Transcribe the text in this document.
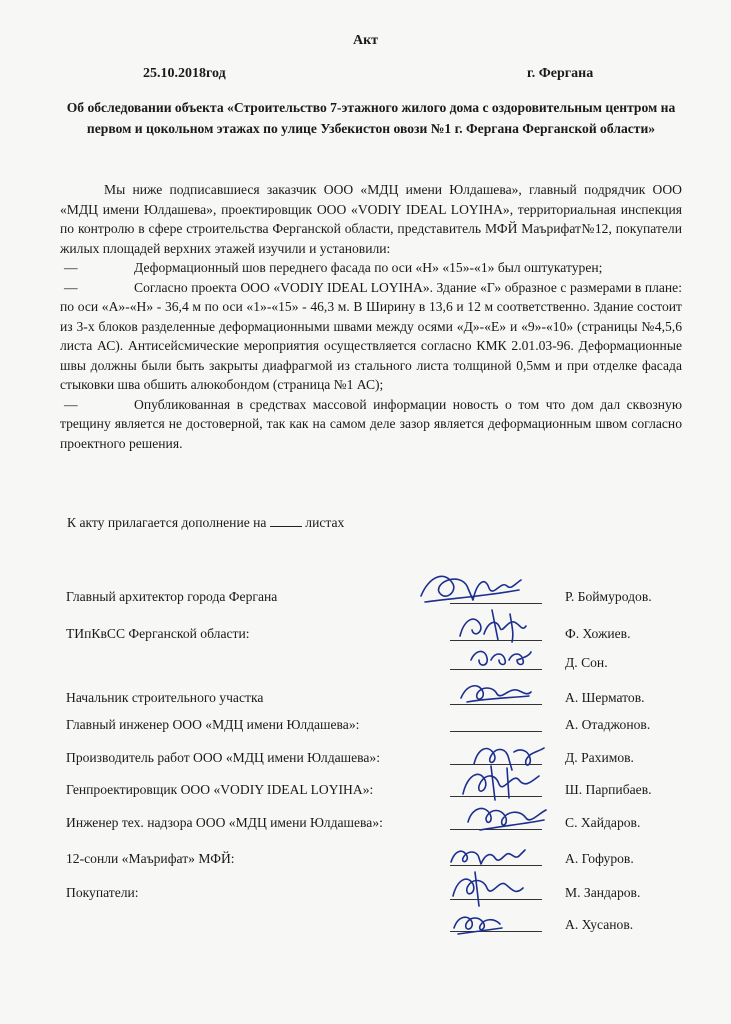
Акт
25.10.2018год	г. Фергана
Об обследовании объекта «Строительство 7-этажного жилого дома с оздоровительным центром на первом и цокольном этажах по улице Узбекистон овози №1 г. Фергана Ферганской области»

Мы ниже подписавшиеся заказчик ООО «МДЦ имени Юлдашева», главный подрядчик ООО «МДЦ имени Юлдашева», проектировщик ООО «VODIY IDEAL LOYIHA», территориальная инспекция по контролю в сфере строительства Ферганской области, представитель МФЙ Маърифат№12, покупатели жилых площадей верхних этажей изучили и установили:

—	Деформационный шов переднего фасада по оси «Н» «15»-«1» был оштукатурен;

—	Согласно проекта ООО «VODIY IDEAL LOYIHA». Здание «Г» образное с размерами в плане: по оси «А»-«Н» - 36,4 м по оси «1»-«15» - 46,3 м. В Ширину в 13,6 и 12 м соответственно. Здание состоит из 3-х блоков разделенные деформационными швами между осями «Д»-«Е» и «9»-«10» (страницы №4,5,6 листа АС). Антисейсмические мероприятия осуществляется согласно КМК 2.01.03-96. Деформационные швы должны были быть закрыты диафрагмой из стального листа толщиной 0,5мм и при отделке фасада стыковки шва обшить алюкобондом (страница №1 АС);

—	Опубликованная в средствах массовой информации новость о том что дом дал сквозную трещину является не достоверной, так как на самом деле зазор является деформационным швом согласно проектного решения.

К акту прилагается дополнение на	листах
Главный архитектор города Фергана	Р. Боймуродов.
ТИпКвСС Ферганской области:	Ф. Хожиев.
Д. Сон.
Начальник строительного участка	А. Шерматов.
Главный инженер ООО «МДЦ имени Юлдашева»:	А. Отаджонов.
Производитель работ ООО «МДЦ имени Юлдашева»:	Д. Рахимов.
Генпроектировщик ООО «VODIY IDEAL LOYIHA»:	Ш. Парпибаев.
Инженер тех. надзора ООО «МДЦ имени Юлдашева»:	С. Хайдаров.
12-сонли «Маърифат» МФЙ:	А. Гофуров.
Покупатели:	М. Зандаров.
А. Хусанов.
